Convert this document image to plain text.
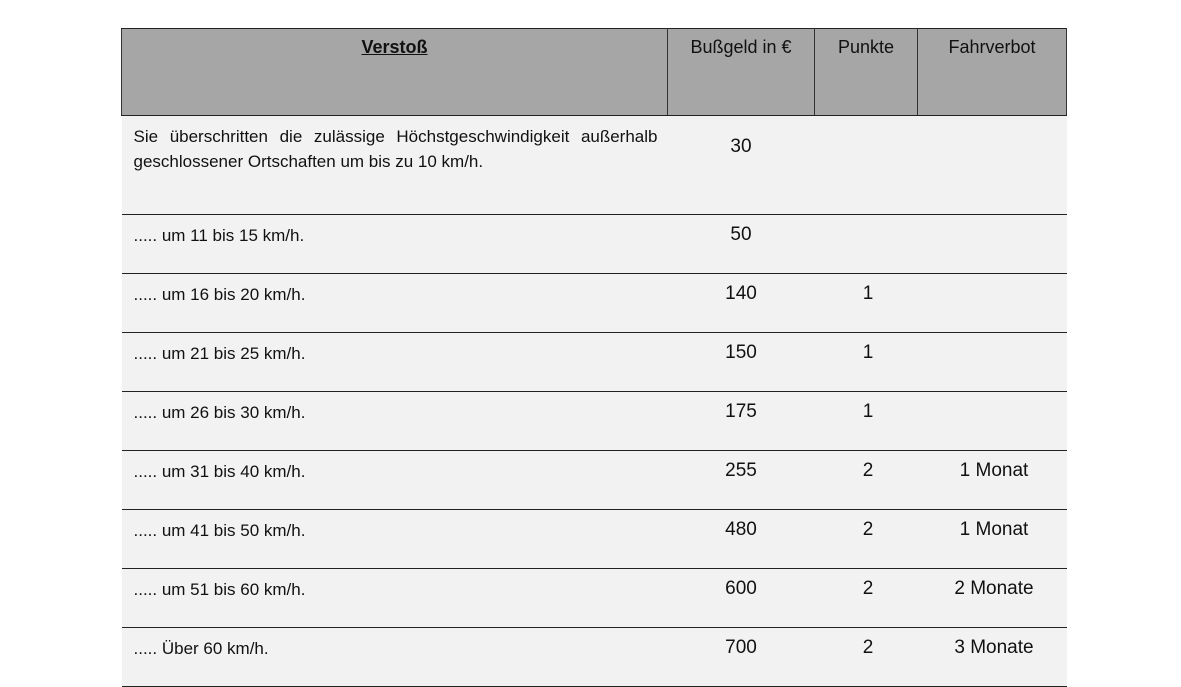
Verstoß	Bußgeld in €	Punkte	Fahrverbot
Sie überschritten die zulässige Höchstgeschwindigkeit außerhalb geschlossener Ortschaften um bis zu 10 km/h.	30		
..... um 11 bis 15 km/h.	50		
..... um 16 bis 20 km/h.	140	1	
..... um 21 bis 25 km/h.	150	1	
..... um 26 bis 30 km/h.	175	1	
..... um 31 bis 40 km/h.	255	2	1 Monat
..... um 41 bis 50 km/h.	480	2	1 Monat
..... um 51 bis 60 km/h.	600	2	2 Monate
..... Über 60 km/h.	700	2	3 Monate
